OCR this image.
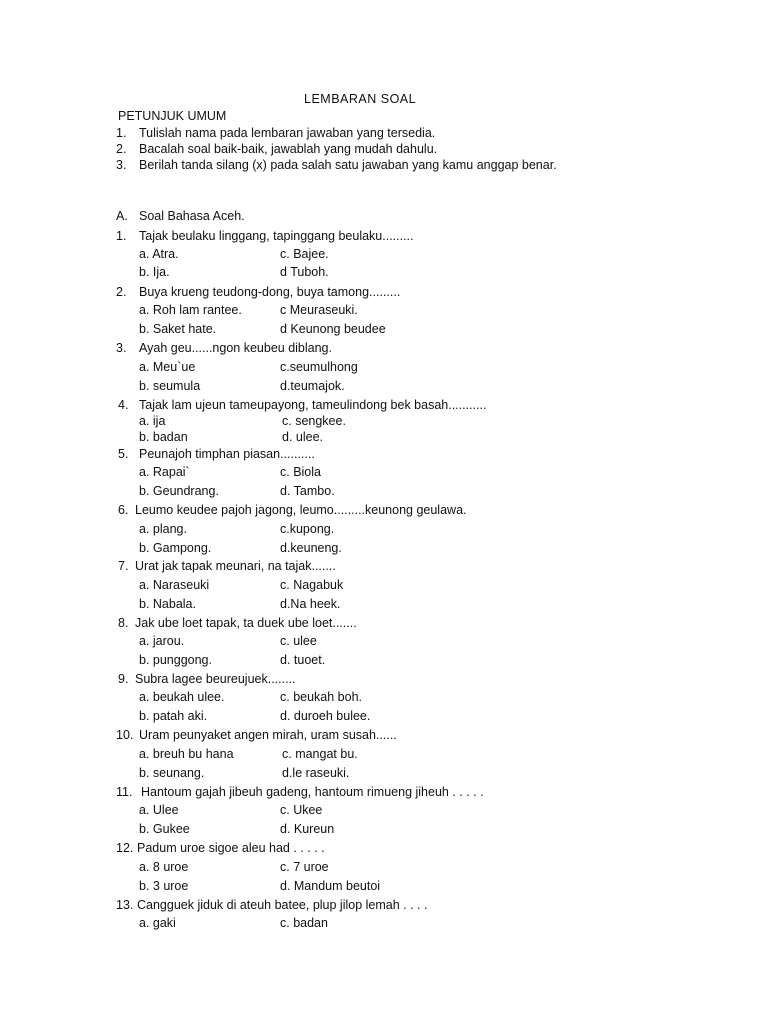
LEMBARAN SOAL
PETUNJUK UMUM
1. Tulislah nama pada lembaran jawaban yang tersedia.
2. Bacalah soal baik-baik, jawablah yang mudah dahulu.
3. Berilah tanda silang (x) pada salah satu jawaban yang kamu anggap benar.
A. Soal Bahasa Aceh.
1. Tajak beulaku linggang, tapinggang beulaku.........
a. Atra.	c. Bajee.
b. Ija.	d Tuboh.
2. Buya krueng teudong-dong, buya tamong.........
a. Roh lam rantee.	c Meuraseuki.
b. Saket hate.	d Keunong beudee
3. Ayah geu......ngon keubeu diblang.
a. Meu`ue	c.seumulhong
b. seumula	d.teumajok.
4. Tajak lam ujeun tameupayong, tameulindong bek basah...........
a. ija	c. sengkee.
b. badan	d. ulee.
5. Peunajoh timphan piasan..........
a. Rapai`	c. Biola
b. Geundrang.	d. Tambo.
6. Leumo keudee pajoh jagong, leumo.........keunong geulawa.
a. plang.	c.kupong.
b. Gampong.	d.keuneng.
7. Urat jak tapak meunari, na tajak.......
a. Naraseuki	c. Nagabuk
b. Nabala.	d.Na heek.
8. Jak ube loet tapak, ta duek ube loet.......
a. jarou.	c. ulee
b. punggong.	d. tuoet.
9. Subra lagee beureujuek........
a. beukah ulee.	c. beukah boh.
b. patah aki.	d. duroeh bulee.
10. Uram peunyaket angen mirah, uram susah......
a. breuh bu hana	c. mangat bu.
b. seunang.	d.le raseuki.
11. Hantoum gajah jibeuh gadeng, hantoum rimueng jiheuh . . . . .
a. Ulee	c. Ukee
b. Gukee	d. Kureun
12. Padum uroe sigoe aleu had . . . . .
a. 8 uroe	c. 7 uroe
b. 3 uroe	d. Mandum beutoi
13. Cangguek jiduk di ateuh batee, plup jilop lemah . . . .
a. gaki	c. badan
